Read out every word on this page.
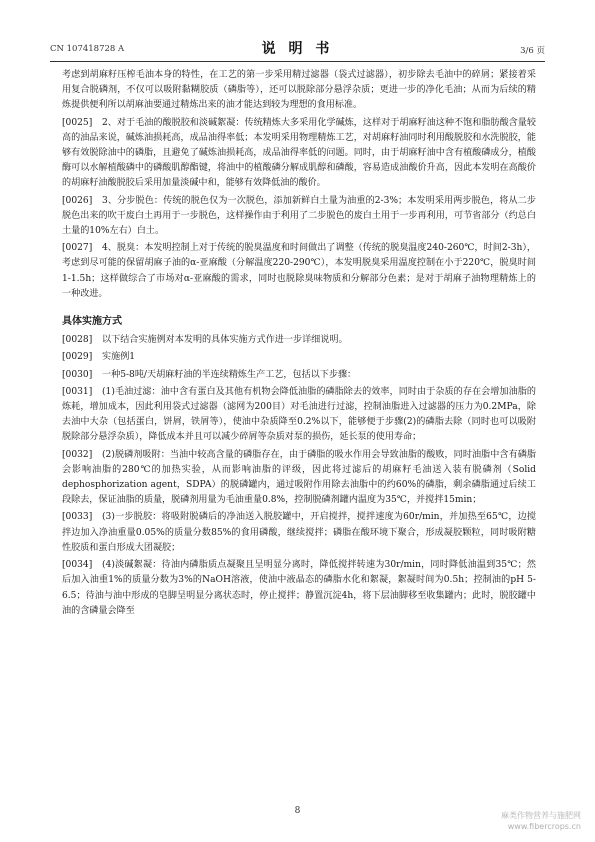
CN 107418728 A	说 明 书	3/6 页
考虑到胡麻籽压榨毛油本身的特性，在工艺的第一步采用精过滤器（袋式过滤器），初步除去毛油中的碎屑；紧接着采用复合脱磷剂，不仅可以吸附黏糊胶质（磷脂等），还可以脱除部分悬浮杂质；更进一步的净化毛油；从而为后续的精炼提供便利所以胡麻油要通过精炼出来的油才能达到较为理想的食用标准。
[0025] 2、对于毛油的酸脱胶和淡碱絮凝：传统精炼大多采用化学碱炼，这样对于胡麻籽油这种不饱和脂肪酸含量较高的油品来说，碱炼油损耗高，成品油得率低；本发明采用物理精炼工艺，对胡麻籽油同时利用酸脱胶和水洗脱胶，能够有效脱除油中的磷脂，且避免了碱炼油损耗高，成品油得率低的问题。同时，由于胡麻籽油中含有植酸磷成分，植酸酶可以水解植酸磷中的磷酸肌醇酯键，将油中的植酸磷分解成肌醇和磷酸，容易造成油酸价升高，因此本发明在高酸价的胡麻籽油酸脱胶后采用加量淡碱中和，能够有效降低油的酸价。
[0026] 3、分步脱色：传统的脱色仅为一次脱色，添加新鲜白土量为油重的2-3%；本发明采用两步脱色，将从二步脱色出来的吹干废白土再用于一步脱色，这样操作由于利用了二步脱色的废白土用于一步再利用，可节省部分（约总白土量的10%左右）白土。
[0027] 4、脱臭：本发明控制上对于传统的脱臭温度和时间做出了调整（传统的脱臭温度240-260℃，时间2-3h），考虑到尽可能的保留胡麻子油的α-亚麻酸（分解温度220-290℃），本发明脱臭采用温度控制在小于220℃，脱臭时间1-1.5h；这样做综合了市场对α-亚麻酸的需求，同时也脱除臭味物质和分解部分色素；是对于胡麻子油物理精炼上的一种改进。
具体实施方式
[0028] 以下结合实施例对本发明的具体实施方式作进一步详细说明。
[0029] 实施例1
[0030] 一种5-8吨/天胡麻籽油的半连续精炼生产工艺，包括以下步骤：
[0031] (1)毛油过滤：油中含有蛋白及其他有机物会降低油脂的磷脂除去的效率，同时由于杂质的存在会增加油脂的炼耗，增加成本，因此利用袋式过滤器（滤网为200目）对毛油进行过滤，控制油脂进入过滤器的压力为0.2MPa，除去油中大杂（包括蛋白，饼屑，铁屑等），使油中杂质降至0.2%以下，能够便于步骤(2)的磷脂去除（同时也可以吸附脱除部分悬浮杂质），降低成本并且可以减少碎屑等杂质对泵的损伤，延长泵的使用寿命；
[0032] (2)脱磷剂吸附：当油中较高含量的磷脂存在，由于磷脂的吸水作用会导致油脂的酸败，同时油脂中含有磷脂会影响油脂的280℃的加热实验，从而影响油脂的评级，因此将过滤后的胡麻籽毛油送入装有脱磷剂（Solid dephosphorization agent，SDPA）的脱磷罐内，通过吸附作用除去油脂中的约60%的磷脂，剩余磷脂通过后续工段除去，保证油脂的质量，脱磷剂用量为毛油重量0.8%，控制脱磷剂罐内温度为35℃，并搅拌15min；
[0033] (3)一步脱胶：将吸附脱磷后的净油送入脱胶罐中，开启搅拌，搅拌速度为60r/min，并加热至65℃，边搅拌边加入净油重量0.05%的质量分数85%的食用磷酸，继续搅拌；磷脂在酸环境下聚合，形成凝胶颗粒，同时吸附糖性胶质和蛋白形成大团凝胶；
[0034] (4)淡碱絮凝：待油内磷脂质点凝聚且呈明显分离时，降低搅拌转速为30r/min，同时降低油温到35℃；然后加入油重1%的质量分数为3%的NaOH溶液，使油中液晶态的磷脂水化和絮凝，絮凝时间为0.5h；控制油的pH 5-6.5；待油与油中形成的皂脚呈明显分离状态时，停止搅拌；静置沉淀4h，将下层油脚移至收集罐内；此时，脱胶罐中油的含磷量会降至
8	麻类作物营养与施肥网
www.fibercrops.cn
